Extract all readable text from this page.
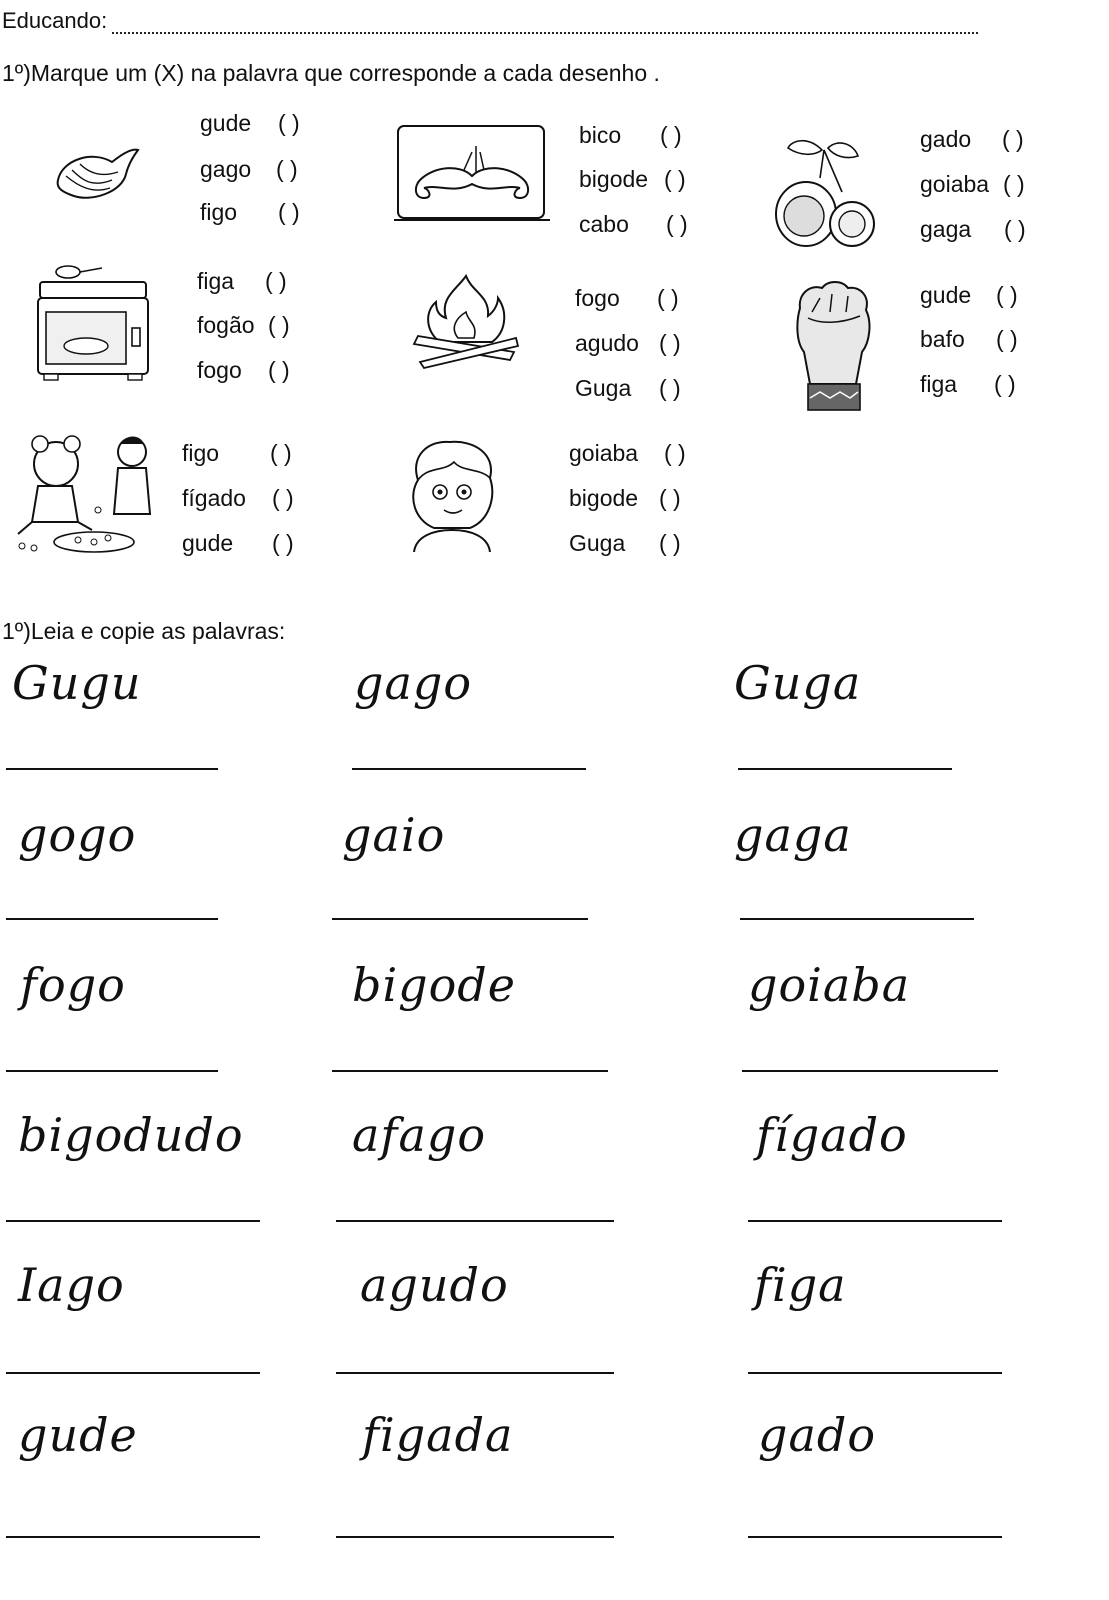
Educando:
1º)Marque um (X) na palavra que corresponde a cada desenho .
gude ( )
gago ( )
figo ( )
bico ( )
bigode ( )
cabo ( )
gado ( )
goiaba ( )
gaga ( )
figa ( )
fogão ( )
fogo ( )
fogo ( )
agudo ( )
Guga ( )
gude ( )
bafo ( )
figa ( )
figo ( )
fígado ( )
gude ( )
goiaba ( )
bigode ( )
Guga ( )
1º)Leia e copie as palavras:
Gugu	gago	Guga
gogo	gaio	gaga
fogo	bigode	goiaba
bigodudo afago	fígado
Iago	agudo	figa
gude	figada	gado
